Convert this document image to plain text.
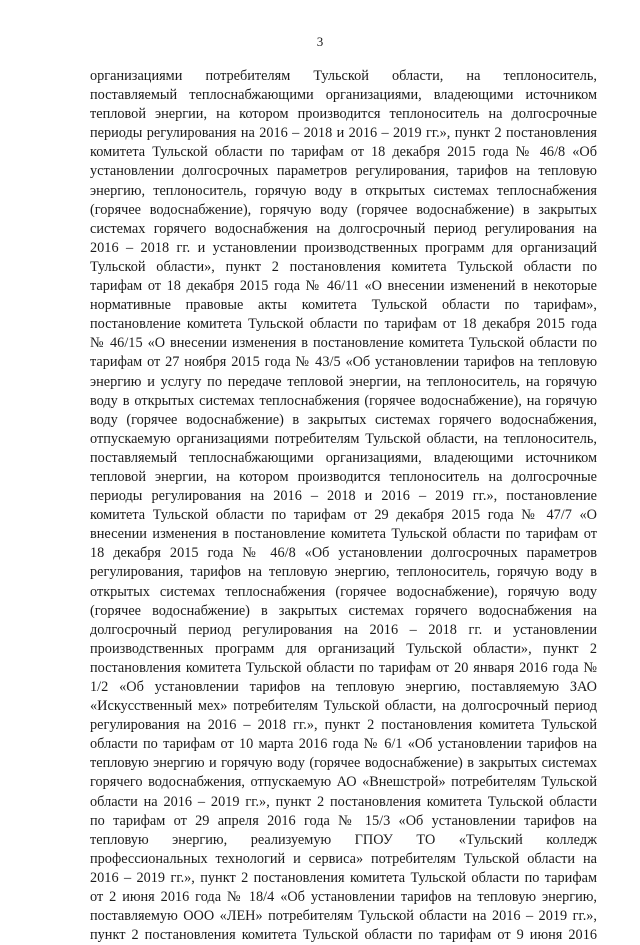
3
организациями потребителям Тульской области, на теплоноситель,
поставляемый теплоснабжающими организациями, владеющими источником
тепловой энергии, на котором производится теплоноситель на долгосрочные
периоды регулирования на 2016 – 2018 и 2016 – 2019 гг.», пункт 2 постановления
комитета Тульской области по тарифам от 18 декабря 2015 года № 46/8 «Об
установлении долгосрочных параметров регулирования, тарифов на тепловую
энергию, теплоноситель, горячую воду в открытых системах теплоснабжения
(горячее водоснабжение), горячую воду (горячее водоснабжение) в закрытых
системах горячего водоснабжения на долгосрочный период регулирования на
2016 – 2018 гг. и установлении производственных программ для организаций
Тульской области», пункт 2 постановления комитета Тульской области по
тарифам от 18 декабря 2015 года № 46/11 «О внесении изменений в некоторые
нормативные правовые акты комитета Тульской области по тарифам»,
постановление комитета Тульской области по тарифам от 18 декабря 2015 года
№ 46/15 «О внесении изменения в постановление комитета Тульской области по
тарифам от 27 ноября 2015 года № 43/5 «Об установлении тарифов на тепловую
энергию и услугу по передаче тепловой энергии, на теплоноситель, на горячую
воду в открытых системах теплоснабжения (горячее водоснабжение), на горячую
воду (горячее водоснабжение) в закрытых системах горячего водоснабжения,
отпускаемую организациями потребителям Тульской области, на теплоноситель,
поставляемый теплоснабжающими организациями, владеющими источником
тепловой энергии, на котором производится теплоноситель на долгосрочные
периоды регулирования на 2016 – 2018 и 2016 – 2019 гг.», постановление
комитета Тульской области по тарифам от 29 декабря 2015 года № 47/7 «О
внесении изменения в постановление комитета Тульской области по тарифам от
18 декабря 2015 года № 46/8 «Об установлении долгосрочных параметров
регулирования, тарифов на тепловую энергию, теплоноситель, горячую воду в
открытых системах теплоснабжения (горячее водоснабжение), горячую воду
(горячее водоснабжение) в закрытых системах горячего водоснабжения на
долгосрочный период регулирования на 2016 – 2018 гг. и установлении
производственных программ для организаций Тульской области», пункт 2
постановления комитета Тульской области по тарифам от 20 января 2016 года №
1/2 «Об установлении тарифов на тепловую энергию, поставляемую ЗАО
«Искусственный мех» потребителям Тульской области, на долгосрочный период
регулирования на 2016 – 2018 гг.», пункт 2 постановления комитета Тульской
области по тарифам от 10 марта 2016 года № 6/1 «Об установлении тарифов на
тепловую энергию и горячую воду (горячее водоснабжение) в закрытых системах
горячего водоснабжения, отпускаемую АО «Внешстрой» потребителям Тульской
области на 2016 – 2019 гг.», пункт 2 постановления комитета Тульской области
по тарифам от 29 апреля 2016 года № 15/3 «Об установлении тарифов на
тепловую энергию, реализуемую ГПОУ ТО «Тульский колледж
профессиональных технологий и сервиса» потребителям Тульской области на
2016 – 2019 гг.», пункт 2 постановления комитета Тульской области по тарифам
от 2 июня 2016 года № 18/4 «Об установлении тарифов на тепловую энергию,
поставляемую ООО «ЛЕН» потребителям Тульской области на 2016 – 2019 гг.»,
пункт 2 постановления комитета Тульской области по тарифам от 9 июня 2016
